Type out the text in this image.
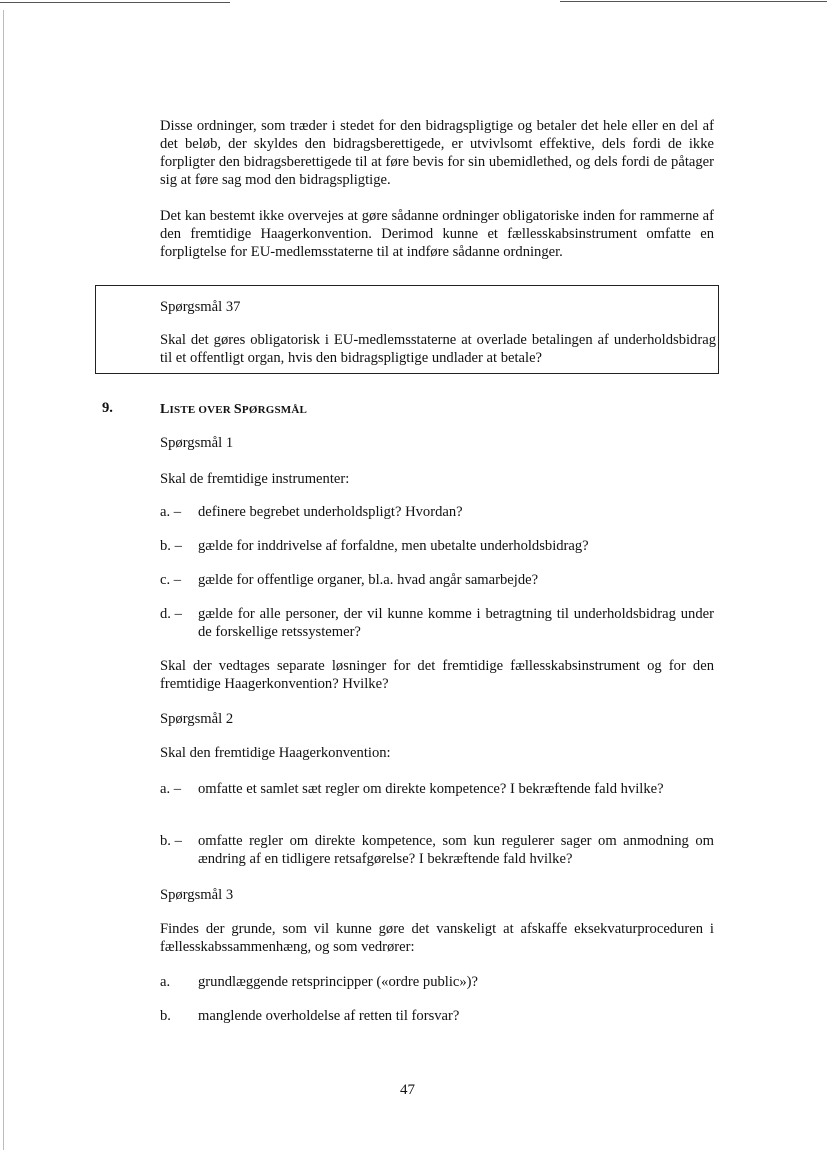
Disse ordninger, som træder i stedet for den bidragspligtige og betaler det hele eller en del af det beløb, der skyldes den bidragsberettigede, er utvivlsomt effektive, dels fordi de ikke forpligter den bidragsberettigede til at føre bevis for sin ubemidlethed, og dels fordi de påtager sig at føre sag mod den bidragspligtige.

Det kan bestemt ikke overvejes at gøre sådanne ordninger obligatoriske inden for rammerne af den fremtidige Haagerkonvention. Derimod kunne et fællesskabsinstrument omfatte en forpligtelse for EU-medlemsstaterne til at indføre sådanne ordninger.

Spørgsmål 37

Skal det gøres obligatorisk i EU-medlemsstaterne at overlade betalingen af underholdsbidrag til et offentligt organ, hvis den bidragspligtige undlader at betale?

9.	LISTE OVER SPØRGSMÅL

Spørgsmål 1

Skal de fremtidige instrumenter:

a. – definere begrebet underholdspligt? Hvordan?
b. – gælde for inddrivelse af forfaldne, men ubetalte underholdsbidrag?
c. – gælde for offentlige organer, bl.a. hvad angår samarbejde?
d. – gælde for alle personer, der vil kunne komme i betragtning til underholdsbidrag under de forskellige retssystemer?

Skal der vedtages separate løsninger for det fremtidige fællesskabsinstrument og for den fremtidige Haagerkonvention? Hvilke?

Spørgsmål 2

Skal den fremtidige Haagerkonvention:

a. – omfatte et samlet sæt regler om direkte kompetence? I bekræftende fald hvilke?
b. – omfatte regler om direkte kompetence, som kun regulerer sager om anmodning om ændring af en tidligere retsafgørelse? I bekræftende fald hvilke?

Spørgsmål 3

Findes der grunde, som vil kunne gøre det vanskeligt at afskaffe eksekvaturproceduren i fællesskabssammenhæng, og som vedrører:

a. grundlæggende retsprincipper («ordre public»)?
b. manglende overholdelse af retten til forsvar?
47
